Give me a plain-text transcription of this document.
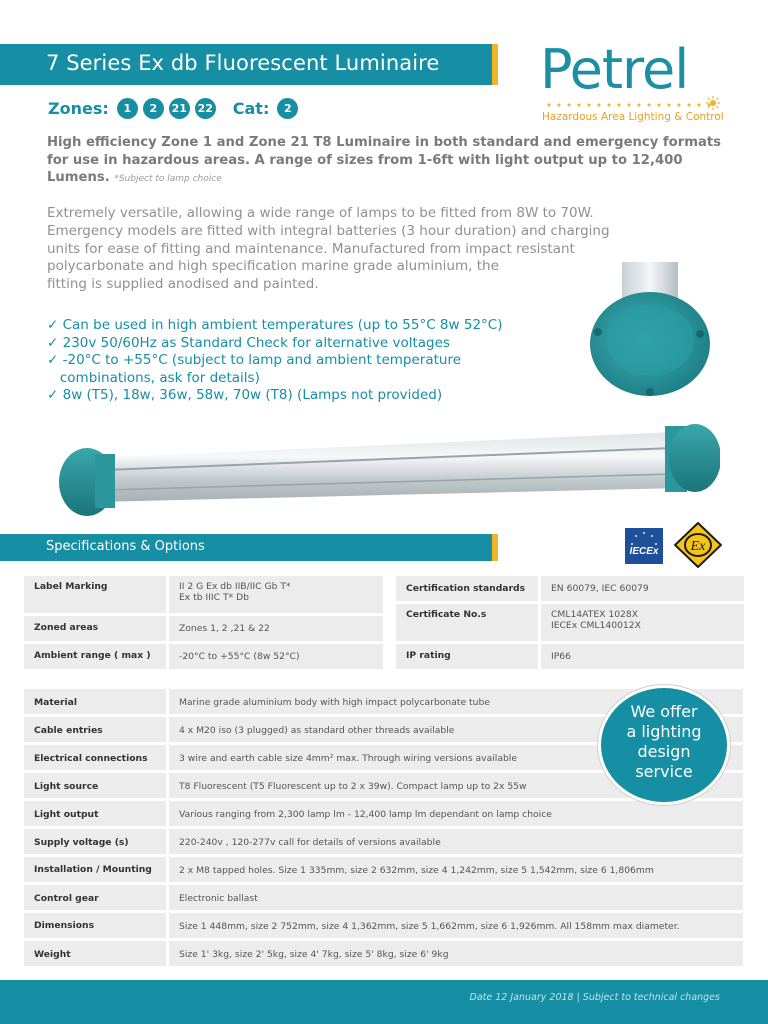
7 Series Ex db Fluorescent Luminaire Petrel
Hazardous Area Lighting & Control
Zones:	1	2	21 22 Cat:	2

High efficiency Zone 1 and Zone 21 T8 Luminaire in both standard and emergency formats for use in hazardous areas. A range of sizes from 1-6ft with light output up to 12,400 Lumens. *Subject to lamp choice

Extremely versatile, allowing a wide range of lamps to be fitted from 8W to 70W.
Emergency models are fitted with integral batteries (3 hour duration) and charging
units for ease of fitting and maintenance. Manufactured from impact resistant
polycarbonate and high specification marine grade aluminium, the
fitting is supplied anodised and painted.
✓ Can be used in high ambient temperatures (up to 55°C 8w 52°C)
✓ 230v 50/60Hz as Standard Check for alternative voltages
✓ -20°C to +55°C (subject to lamp and ambient temperature
combinations, ask for details)
✓ 8w (T5), 18w, 36w, 58w, 70w (T8) (Lamps not provided)
Specifications & Options	IECEx Ex
Label Marking	II 2 G Ex db IIB/IIC Gb T*
Ex tb IIIC T* Db
Zoned areas	Zones 1, 2 ,21 & 22
Ambient range ( max )	-20°C to +55°C (8w 52°C)
Certification standards	EN 60079, IEC 60079
Certificate No.s	CML14ATEX 1028X
IECEx CML140012X
IP rating	IP66
Material	Marine grade aluminium body with high impact polycarbonate tube
Cable entries	4 x M20 iso (3 plugged) as standard other threads available
Electrical connections	3 wire and earth cable size 4mm² max. Through wiring versions available
Light source	T8 Fluorescent (T5 Fluorescent up to 2 x 39w). Compact lamp up to 2x 55w
Light output	Various ranging from 2,300 lamp lm - 12,400 lamp lm dependant on lamp choice
Supply voltage (s)	220-240v , 120-277v call for details of versions available
Installation / Mounting	2 x M8 tapped holes. Size 1 335mm, size 2 632mm, size 4 1,242mm, size 5 1,542mm, size 6 1,806mm
Control gear	Electronic ballast
Dimensions	Size 1 448mm, size 2 752mm, size 4 1,362mm, size 5 1,662mm, size 6 1,926mm. All 158mm max diameter.
Weight	Size 1' 3kg, size 2' 5kg, size 4' 7kg, size 5' 8kg, size 6' 9kg
We offer
a lighting
design
service
Date 12 January 2018 | Subject to technical changes
